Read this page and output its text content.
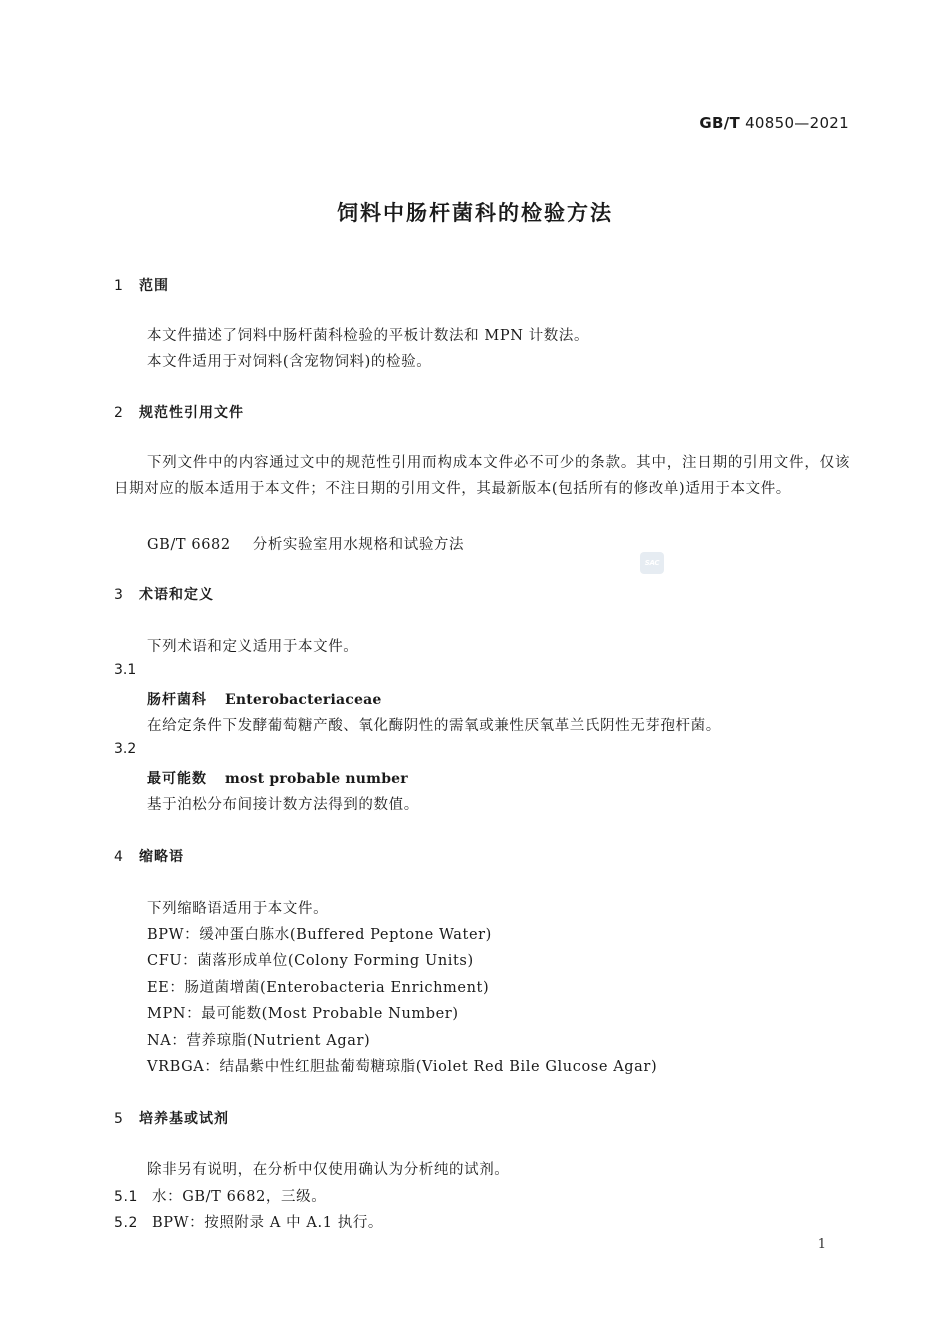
GB/T 40850—2021
饲料中肠杆菌科的检验方法
1 范围
本文件描述了饲料中肠杆菌科检验的平板计数法和 MPN 计数法。
本文件适用于对饲料(含宠物饲料)的检验。
2 规范性引用文件
下列文件中的内容通过文中的规范性引用而构成本文件必不可少的条款。其中，注日期的引用文件，仅该日期对应的版本适用于本文件；不注日期的引用文件，其最新版本(包括所有的修改单)适用于本文件。
GB/T 6682 分析实验室用水规格和试验方法
SAC
3 术语和定义
下列术语和定义适用于本文件。
3.1
肠杆菌科 Enterobacteriaceae
在给定条件下发酵葡萄糖产酸、氧化酶阴性的需氧或兼性厌氧革兰氏阴性无芽孢杆菌。
3.2
最可能数 most probable number
基于泊松分布间接计数方法得到的数值。
4 缩略语
下列缩略语适用于本文件。
BPW：缓冲蛋白胨水(Buffered Peptone Water)
CFU：菌落形成单位(Colony Forming Units)
EE：肠道菌增菌(Enterobacteria Enrichment)
MPN：最可能数(Most Probable Number)
NA：营养琼脂(Nutrient Agar)
VRBGA：结晶紫中性红胆盐葡萄糖琼脂(Violet Red Bile Glucose Agar)
5 培养基或试剂
除非另有说明，在分析中仅使用确认为分析纯的试剂。
5.1 水：GB/T 6682，三级。
5.2 BPW：按照附录 A 中 A.1 执行。
1
